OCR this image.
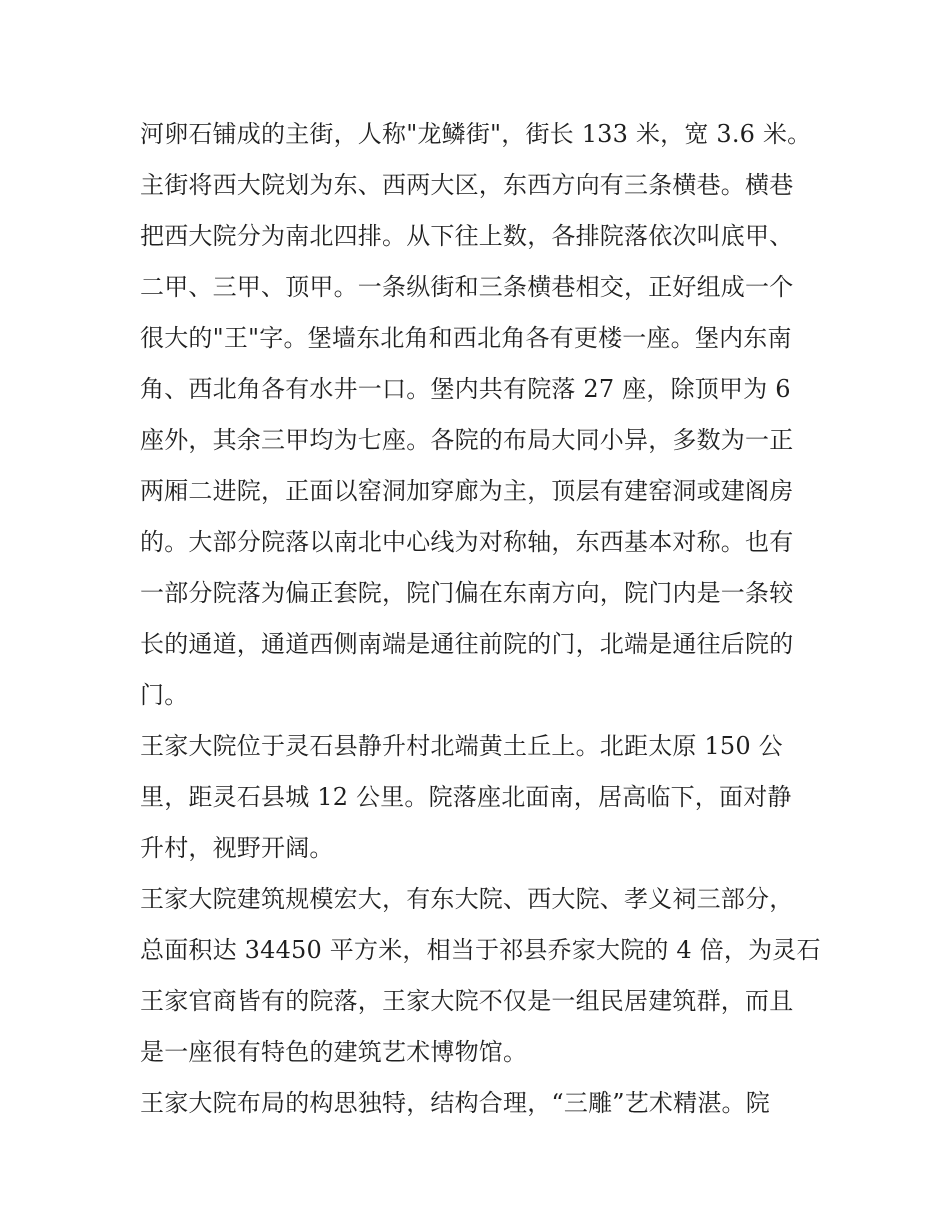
河卵石铺成的主街，人称"龙鳞街"，街长 133 米，宽 3.6 米。
主街将西大院划为东、西两大区，东西方向有三条横巷。横巷
把西大院分为南北四排。从下往上数，各排院落依次叫底甲、
二甲、三甲、顶甲。一条纵街和三条横巷相交，正好组成一个
很大的"王"字。堡墙东北角和西北角各有更楼一座。堡内东南
角、西北角各有水井一口。堡内共有院落 27 座，除顶甲为 6
座外，其余三甲均为七座。各院的布局大同小异，多数为一正
两厢二进院，正面以窑洞加穿廊为主，顶层有建窑洞或建阁房
的。大部分院落以南北中心线为对称轴，东西基本对称。也有
一部分院落为偏正套院，院门偏在东南方向，院门内是一条较
长的通道，通道西侧南端是通往前院的门，北端是通往后院的
门。
王家大院位于灵石县静升村北端黄土丘上。北距太原 150 公
里，距灵石县城 12 公里。院落座北面南，居高临下，面对静
升村，视野开阔。
王家大院建筑规模宏大，有东大院、西大院、孝义祠三部分，
总面积达 34450 平方米，相当于祁县乔家大院的 4 倍，为灵石
王家官商皆有的院落，王家大院不仅是一组民居建筑群，而且
是一座很有特色的建筑艺术博物馆。
王家大院布局的构思独特，结构合理，“三雕”艺术精湛。院
